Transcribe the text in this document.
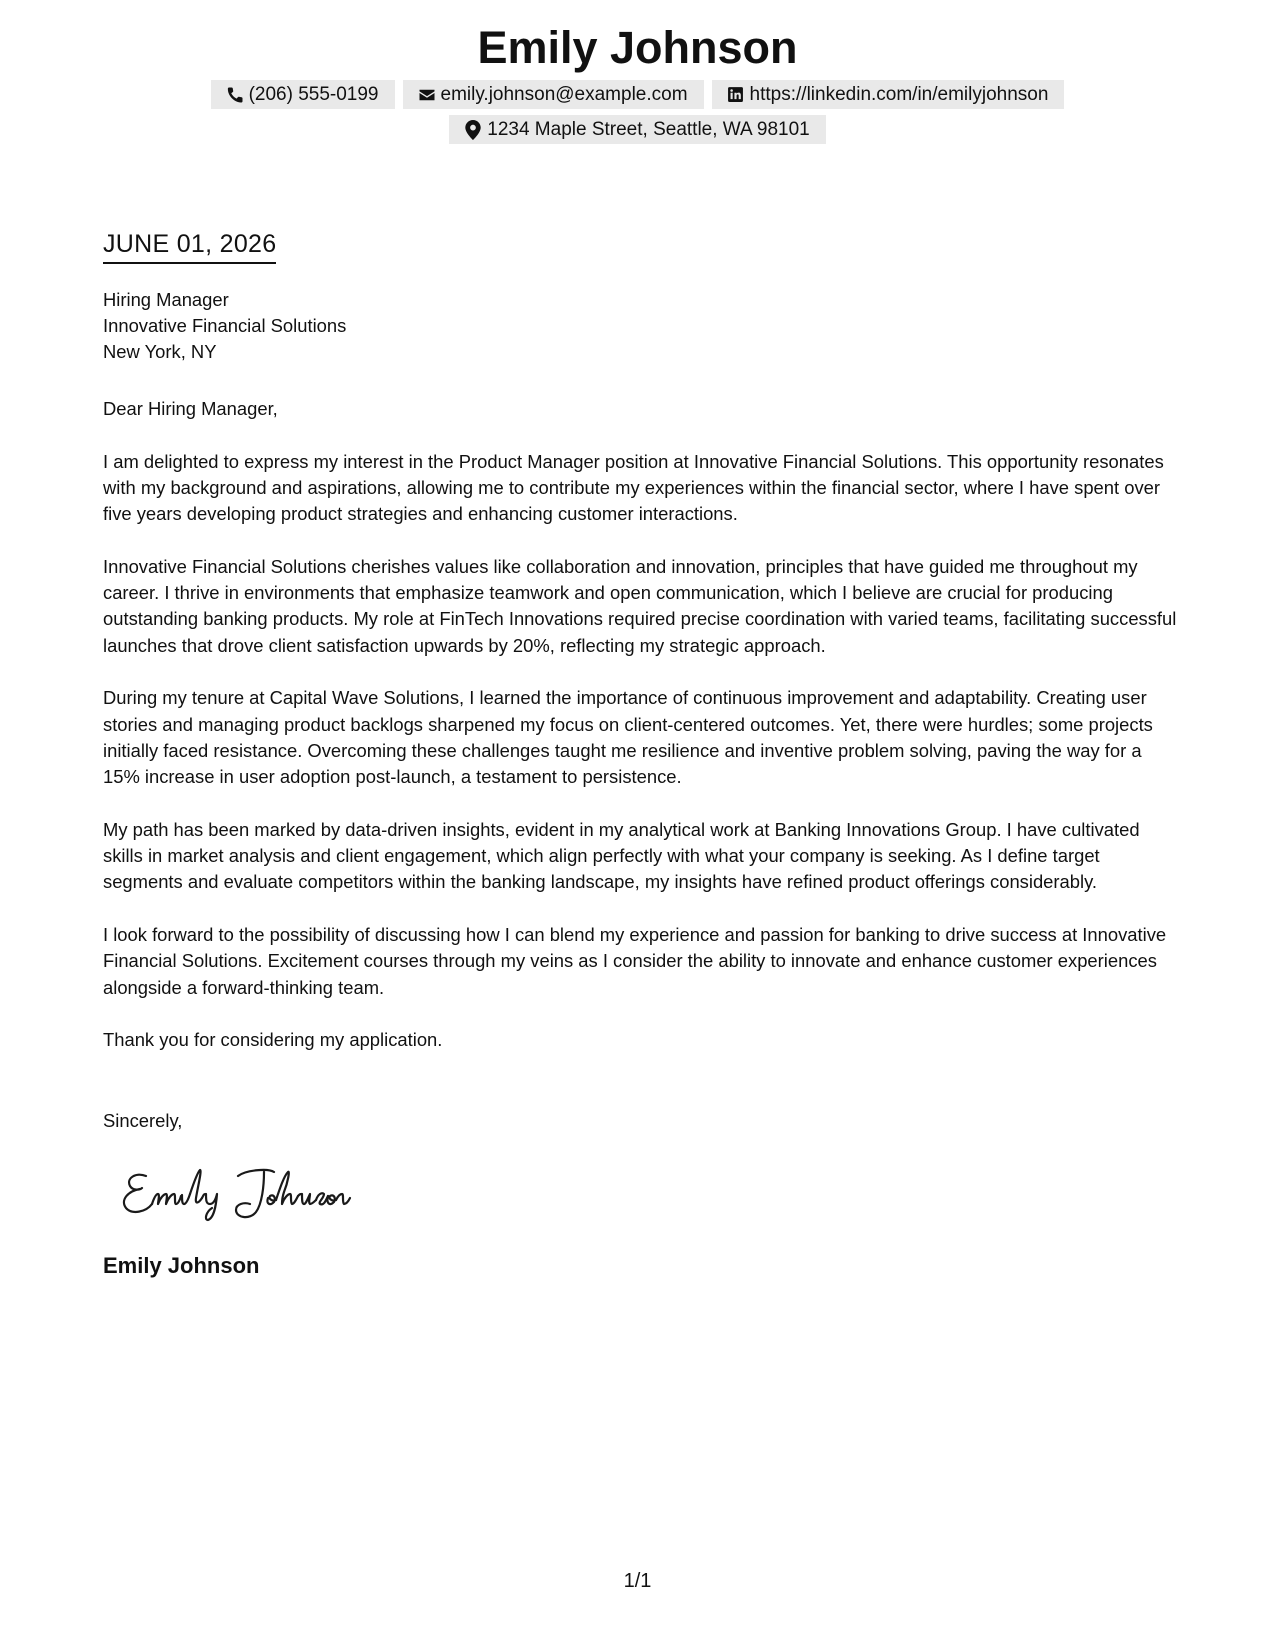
Emily Johnson
(206) 555-0199	emily.johnson@example.com	https://linkedin.com/in/emilyjohnson
1234 Maple Street, Seattle, WA 98101
JUNE 01, 2026
Hiring Manager
Innovative Financial Solutions
New York, NY

Dear Hiring Manager,

I am delighted to express my interest in the Product Manager position at Innovative Financial Solutions. This opportunity resonates with my background and aspirations, allowing me to contribute my experiences within the financial sector, where I have spent over five years developing product strategies and enhancing customer interactions.

Innovative Financial Solutions cherishes values like collaboration and innovation, principles that have guided me throughout my career. I thrive in environments that emphasize teamwork and open communication, which I believe are crucial for producing outstanding banking products. My role at FinTech Innovations required precise coordination with varied teams, facilitating successful launches that drove client satisfaction upwards by 20%, reflecting my strategic approach.

During my tenure at Capital Wave Solutions, I learned the importance of continuous improvement and adaptability. Creating user stories and managing product backlogs sharpened my focus on client-centered outcomes. Yet, there were hurdles; some projects initially faced resistance. Overcoming these challenges taught me resilience and inventive problem solving, paving the way for a 15% increase in user adoption post-launch, a testament to persistence.

My path has been marked by data-driven insights, evident in my analytical work at Banking Innovations Group. I have cultivated skills in market analysis and client engagement, which align perfectly with what your company is seeking. As I define target segments and evaluate competitors within the banking landscape, my insights have refined product offerings considerably.

I look forward to the possibility of discussing how I can blend my experience and passion for banking to drive success at Innovative Financial Solutions. Excitement courses through my veins as I consider the ability to innovate and enhance customer experiences alongside a forward-thinking team.

Thank you for considering my application.

Sincerely,
Emily Johnson
1/1
